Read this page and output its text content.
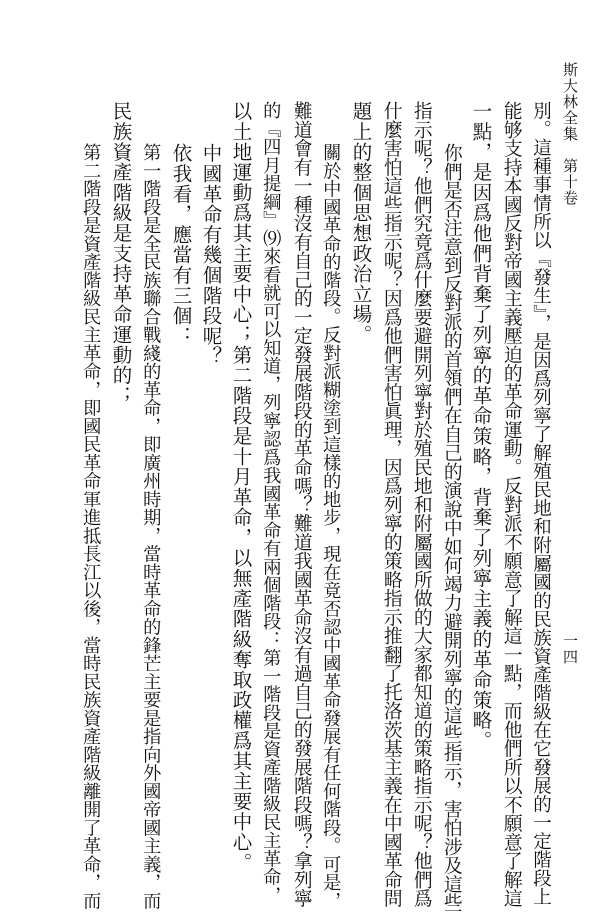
一四
斯大林全集　第十卷
別。這種事情所以『發生』，是因爲列寧了解殖民地和附屬國的民族資產階級在它發展的一定階段上
能够支持本國反對帝國主義壓迫的革命運動。反對派不願意了解這一點，而他們所以不願意了解這
一點，是因爲他們背棄了列寧的革命策略，背棄了列寧主義的革命策略。
你們是否注意到反對派的首領們在自己的演說中如何竭力避開列寧的這些指示，害怕涉及這些
指示呢？他們究竟爲什麼要避開列寧對於殖民地和附屬國所做的大家都知道的策略指示呢？他們爲
什麼害怕這些指示呢？因爲他們害怕眞理，因爲列寧的策略指示推翻了托洛茨基主義在中國革命問
題上的整個思想政治立場。
關於中國革命的階段。反對派糊塗到這樣的地步，現在竟否認中國革命發展有任何階段。可是，
難道會有一種沒有自己的一定發展階段的革命嗎？難道我國革命沒有過自己的發展階段嗎？拿列寧
的『四月提綱』⑼來看就可以知道，列寧認爲我國革命有兩個階段：第一階段是資產階級民主革命，
以土地運動爲其主要中心；第二階段是十月革命，以無產階級奪取政權爲其主要中心。
中國革命有幾個階段呢？
依我看，應當有三個：
第一階段是全民族聯合戰綫的革命，即廣州時期，當時革命的鋒芒主要是指向外國帝國主義，而
民族資產階級是支持革命運動的；
第二階段是資產階級民主革命，即國民革命軍進抵長江以後，當時民族資產階級離開了革命，而
